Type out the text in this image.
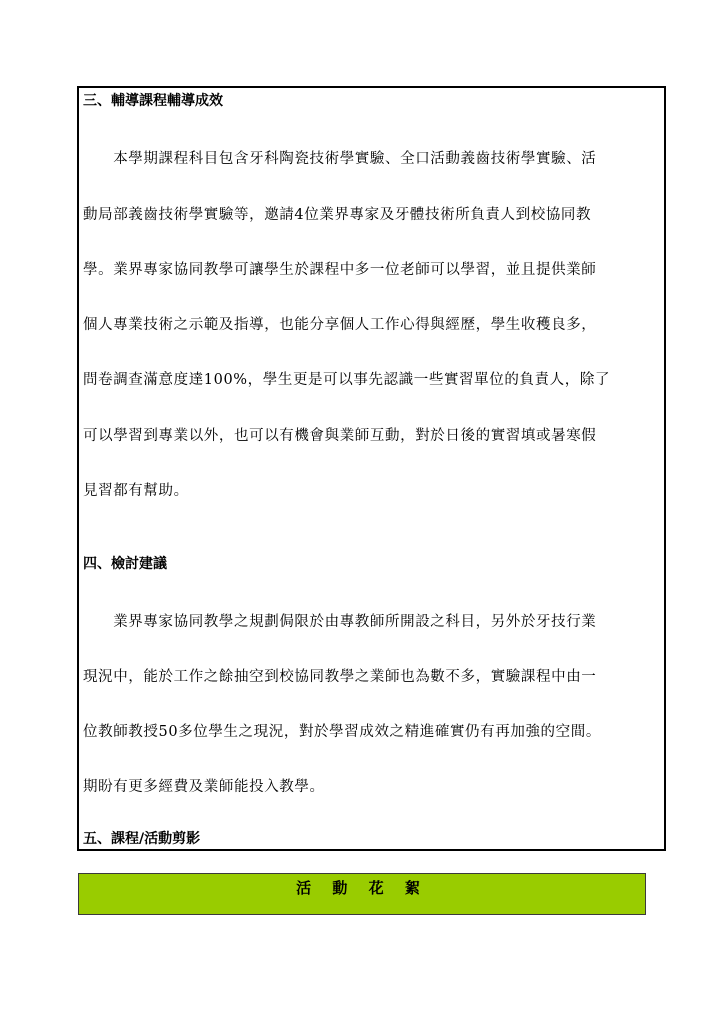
三、輔導課程輔導成效
　　本學期課程科目包含牙科陶瓷技術學實驗、全口活動義齒技術學實驗、活
動局部義齒技術學實驗等，邀請4位業界專家及牙體技術所負責人到校協同教
學。業界專家協同教學可讓學生於課程中多一位老師可以學習，並且提供業師
個人專業技術之示範及指導，也能分享個人工作心得與經歷，學生收穫良多，
問卷調查滿意度達100%，學生更是可以事先認識一些實習單位的負責人，除了
可以學習到專業以外，也可以有機會與業師互動，對於日後的實習填或暑寒假
見習都有幫助。
四、檢討建議
　　業界專家協同教學之規劃侷限於由專教師所開設之科目，另外於牙技行業
現況中，能於工作之餘抽空到校協同教學之業師也為數不多，實驗課程中由一
位教師教授50多位學生之現況，對於學習成效之精進確實仍有再加強的空間。
期盼有更多經費及業師能投入教學。
五、課程/活動剪影
活 動 花 絮
